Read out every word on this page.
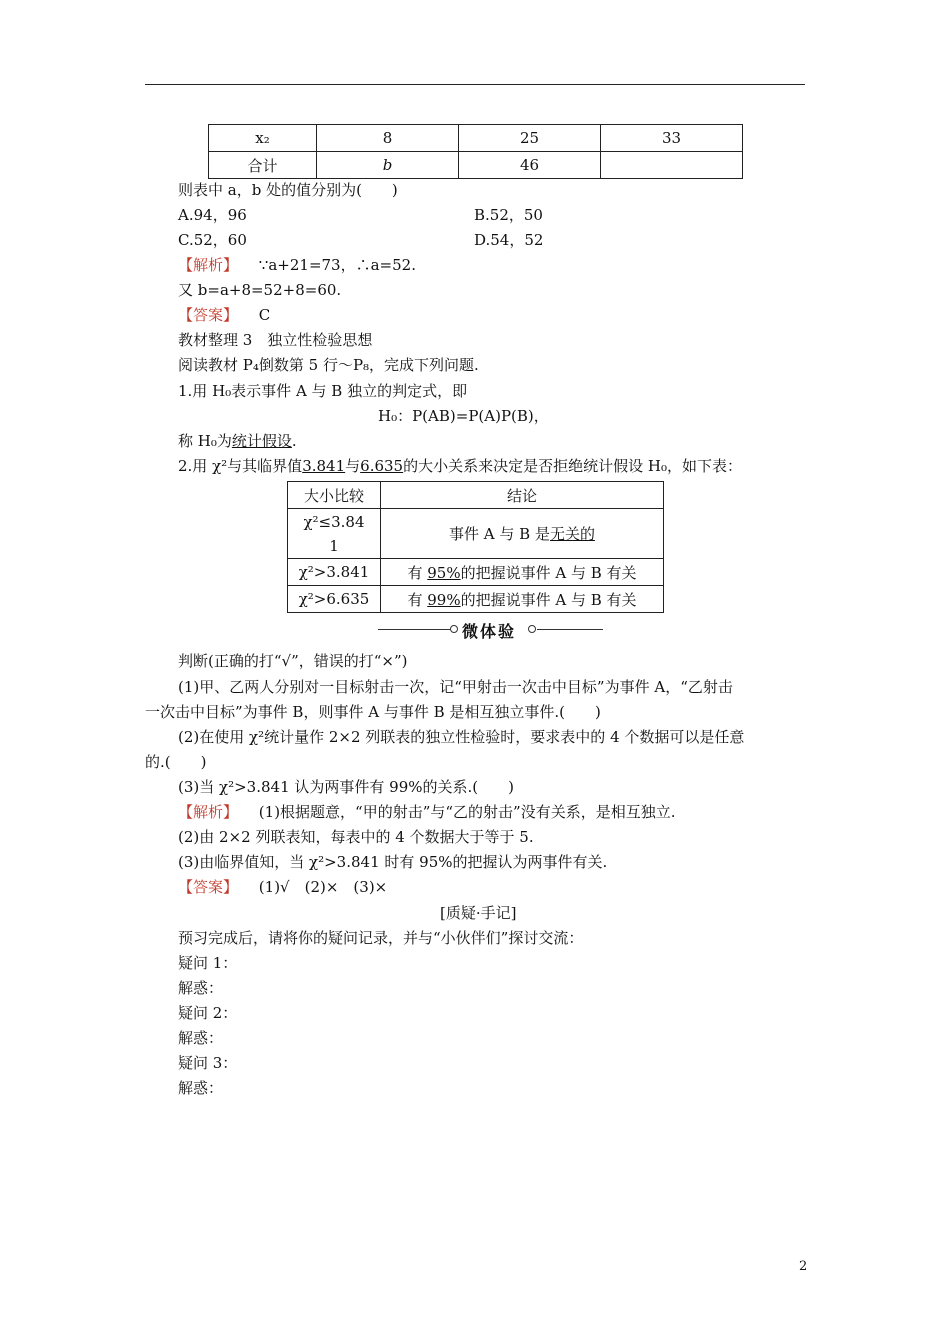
x₂	8	25	33
合计	b	46	
则表中 a，b 处的值分别为(　　)
A.94，96	B.52，50
C.52，60	D.54，52
【解析】 ∵a+21=73，∴a=52.
又 b=a+8=52+8=60.
【答案】 C
教材整理 3　独立性检验思想
阅读教材 P₄倒数第 5 行～P₈，完成下列问题.
1.用 H₀表示事件 A 与 B 独立的判定式，即
H₀：P(AB)=P(A)P(B)，
称 H₀为统计假设.
2.用 χ²与其临界值3.841与6.635的大小关系来决定是否拒绝统计假设 H₀，如下表：
大小比较	结论

χ²≤3.84
1	事件 A 与 B 是无关的
χ²>3.841	有 95%的把握说事件 A 与 B 有关
χ²>6.635	有 99%的把握说事件 A 与 B 有关
微体验
判断(正确的打“√”，错误的打“×”)
(1)甲、乙两人分别对一目标射击一次，记“甲射击一次击中目标”为事件 A，“乙射击
一次击中目标”为事件 B，则事件 A 与事件 B 是相互独立事件.(　　)
(2)在使用 χ²统计量作 2×2 列联表的独立性检验时，要求表中的 4 个数据可以是任意
的.(　　)
(3)当 χ²>3.841 认为两事件有 99%的关系.(　　)
【解析】 (1)根据题意，“甲的射击”与“乙的射击”没有关系，是相互独立.
(2)由 2×2 列联表知，每表中的 4 个数据大于等于 5.
(3)由临界值知，当 χ²>3.841 时有 95%的把握认为两事件有关.
【答案】 (1)√　(2)×　(3)×
[质疑·手记]
预习完成后，请将你的疑问记录，并与“小伙伴们”探讨交流：
疑问 1：
解惑：
疑问 2：
解惑：
疑问 3：
解惑：
2
